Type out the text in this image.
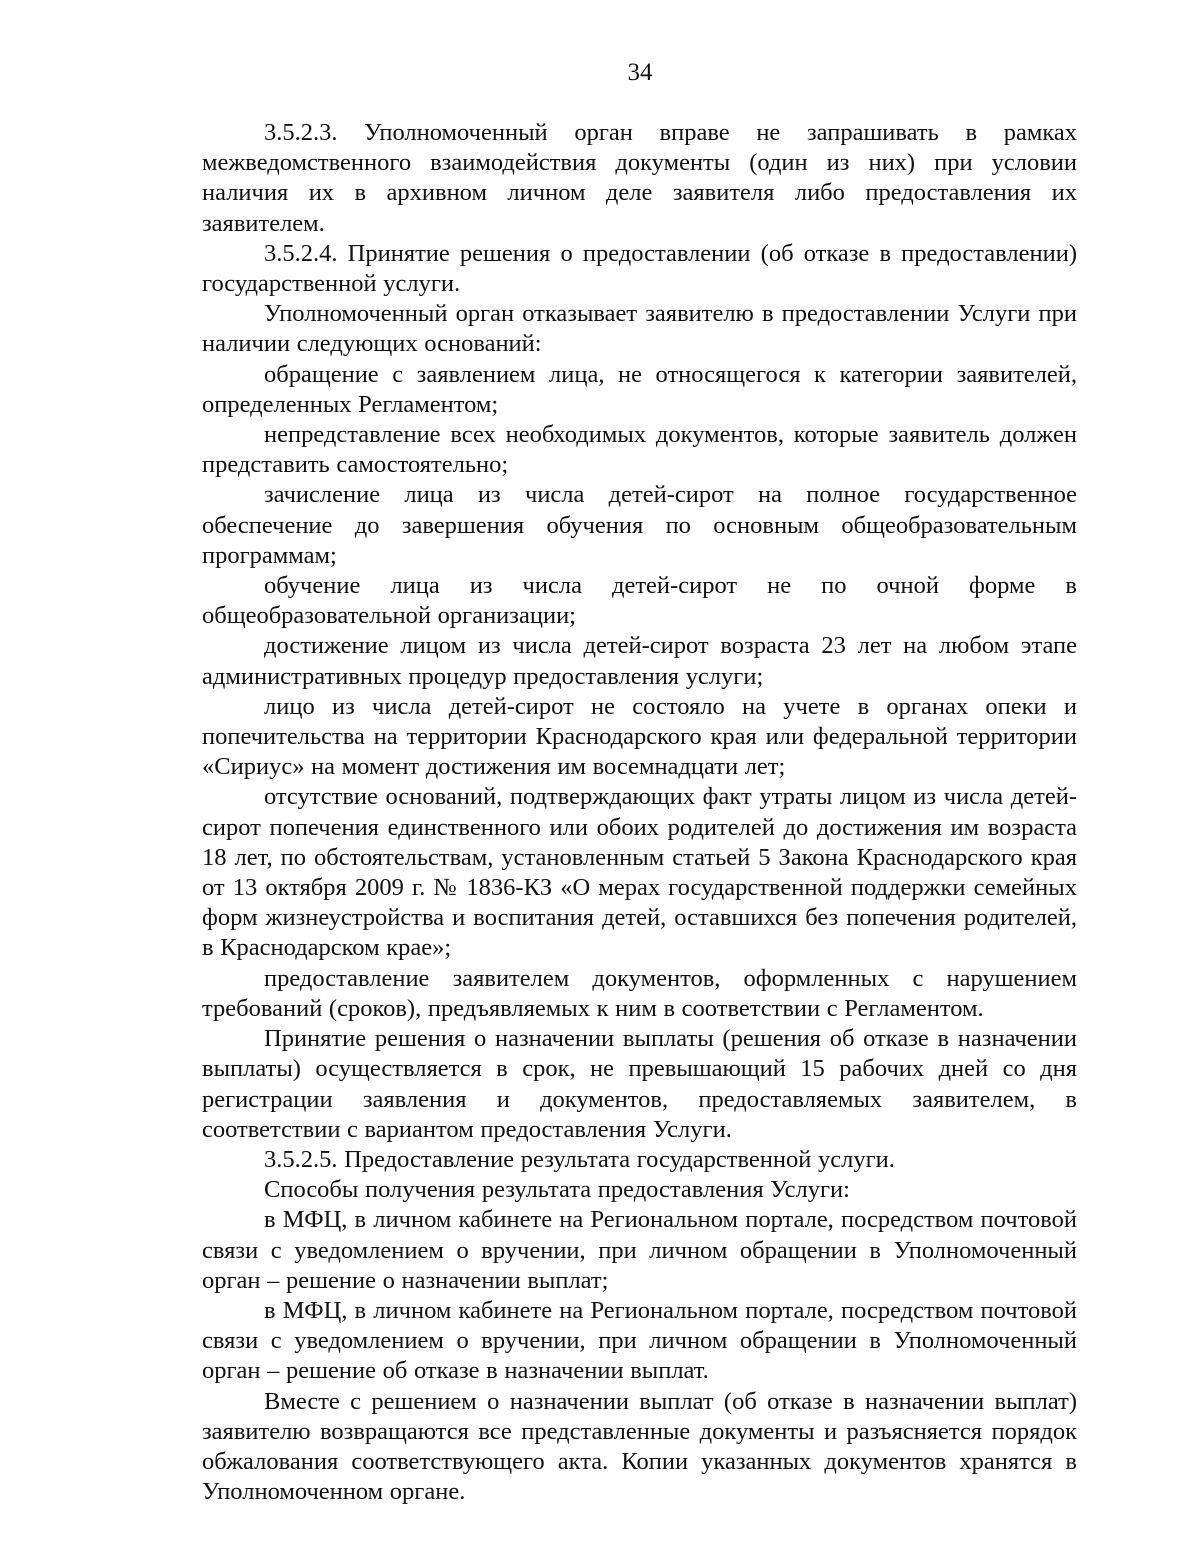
34

3.5.2.3. Уполномоченный орган вправе не запрашивать в рамках межведомственного взаимодействия документы (один из них) при условии наличия их в архивном личном деле заявителя либо предоставления их заявителем.

3.5.2.4. Принятие решения о предоставлении (об отказе в предоставлении) государственной услуги.

Уполномоченный орган отказывает заявителю в предоставлении Услуги при наличии следующих оснований:

обращение с заявлением лица, не относящегося к категории заявителей, определенных Регламентом;

непредставление всех необходимых документов, которые заявитель должен представить самостоятельно;

зачисление лица из числа детей-сирот на полное государственное обеспечение до завершения обучения по основным общеобразовательным программам;

обучение лица из числа детей-сирот не по очной форме в общеобразовательной организации;

достижение лицом из числа детей-сирот возраста 23 лет на любом этапе административных процедур предоставления услуги;

лицо из числа детей-сирот не состояло на учете в органах опеки и попечительства на территории Краснодарского края или федеральной территории «Сириус» на момент достижения им восемнадцати лет;

отсутствие оснований, подтверждающих факт утраты лицом из числа детей-сирот попечения единственного или обоих родителей до достижения им возраста 18 лет, по обстоятельствам, установленным статьей 5 Закона Краснодарского края от 13 октября 2009 г. № 1836-КЗ «О мерах государственной поддержки семейных форм жизнеустройства и воспитания детей, оставшихся без попечения родителей, в Краснодарском крае»;

предоставление заявителем документов, оформленных с нарушением требований (сроков), предъявляемых к ним в соответствии с Регламентом.

Принятие решения о назначении выплаты (решения об отказе в назначении выплаты) осуществляется в срок, не превышающий 15 рабочих дней со дня регистрации заявления и документов, предоставляемых заявителем, в соответствии с вариантом предоставления Услуги.

3.5.2.5. Предоставление результата государственной услуги.

Способы получения результата предоставления Услуги:

в МФЦ, в личном кабинете на Региональном портале, посредством почтовой связи с уведомлением о вручении, при личном обращении в Уполномоченный орган – решение о назначении выплат;

в МФЦ, в личном кабинете на Региональном портале, посредством почтовой связи с уведомлением о вручении, при личном обращении в Уполномоченный орган – решение об отказе в назначении выплат.

Вместе с решением о назначении выплат (об отказе в назначении выплат) заявителю возвращаются все представленные документы и разъясняется порядок обжалования соответствующего акта. Копии указанных документов хранятся в Уполномоченном органе.
